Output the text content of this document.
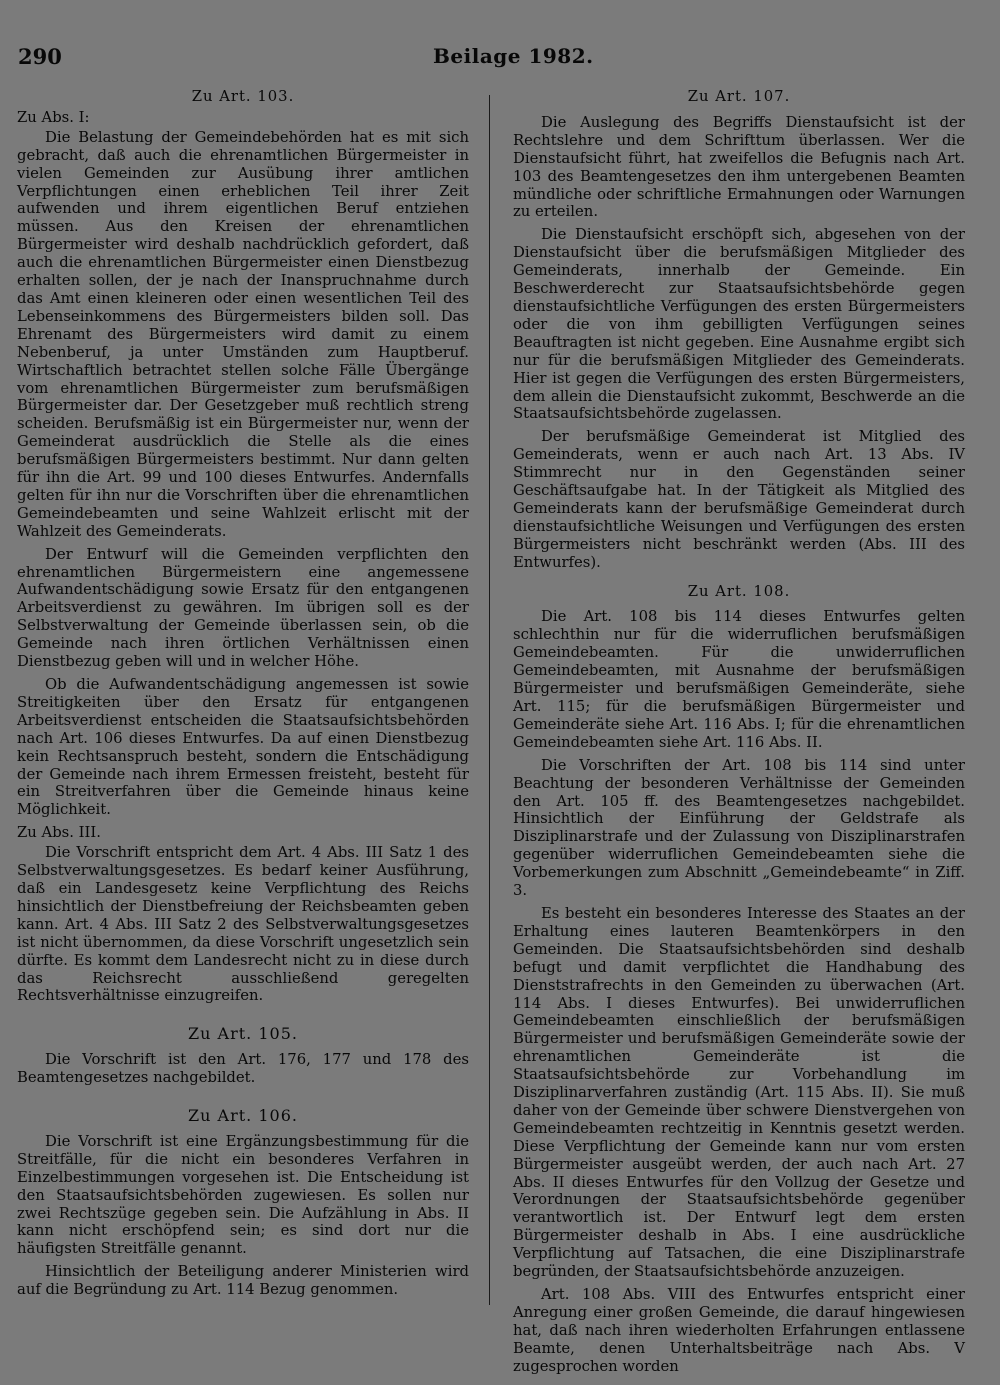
290	Beilage 1982.
Zu Art. 103.
Zu Abs. I:

Die Belastung der Gemeindebehörden hat es mit sich gebracht, daß auch die ehrenamtlichen Bürgermeister in vielen Gemeinden zur Ausübung ihrer amtlichen Verpflichtungen einen erheblichen Teil ihrer Zeit aufwenden und ihrem eigentlichen Beruf entziehen müssen. Aus den Kreisen der ehrenamtlichen Bürgermeister wird deshalb nachdrücklich gefordert, daß auch die ehrenamtlichen Bürgermeister einen Dienstbezug erhalten sollen, der je nach der Inanspruchnahme durch das Amt einen kleineren oder einen wesentlichen Teil des Lebenseinkommens des Bürgermeisters bilden soll. Das Ehrenamt des Bürgermeisters wird damit zu einem Nebenberuf, ja unter Umständen zum Hauptberuf. Wirtschaftlich betrachtet stellen solche Fälle Übergänge vom ehrenamtlichen Bürgermeister zum berufsmäßigen Bürgermeister dar. Der Gesetzgeber muß rechtlich streng scheiden. Berufsmäßig ist ein Bürgermeister nur, wenn der Gemeinderat ausdrücklich die Stelle als die eines berufsmäßigen Bürgermeisters bestimmt. Nur dann gelten für ihn die Art. 99 und 100 dieses Entwurfes. Andernfalls gelten für ihn nur die Vorschriften über die ehrenamtlichen Gemeindebeamten und seine Wahlzeit erlischt mit der Wahlzeit des Gemeinderats.

Der Entwurf will die Gemeinden verpflichten den ehrenamtlichen Bürgermeistern eine angemessene Aufwandentschädigung sowie Ersatz für den entgangenen Arbeitsverdienst zu gewähren. Im übrigen soll es der Selbstverwaltung der Gemeinde überlassen sein, ob die Gemeinde nach ihren örtlichen Verhältnissen einen Dienstbezug geben will und in welcher Höhe.

Ob die Aufwandentschädigung angemessen ist sowie Streitigkeiten über den Ersatz für entgangenen Arbeitsverdienst entscheiden die Staatsaufsichtsbehörden nach Art. 106 dieses Entwurfes. Da auf einen Dienstbezug kein Rechtsanspruch besteht, sondern die Entschädigung der Gemeinde nach ihrem Ermessen freisteht, besteht für ein Streitverfahren über die Gemeinde hinaus keine Möglichkeit.

Zu Abs. III.

Die Vorschrift entspricht dem Art. 4 Abs. III Satz 1 des Selbstverwaltungsgesetzes. Es bedarf keiner Ausführung, daß ein Landesgesetz keine Verpflichtung des Reichs hinsichtlich der Dienstbefreiung der Reichsbeamten geben kann. Art. 4 Abs. III Satz 2 des Selbstverwaltungsgesetzes ist nicht übernommen, da diese Vorschrift ungesetzlich sein dürfte. Es kommt dem Landesrecht nicht zu in diese durch das Reichsrecht ausschließend geregelten Rechtsverhältnisse einzugreifen.

Zu Art. 105.

Die Vorschrift ist den Art. 176, 177 und 178 des Beamtengesetzes nachgebildet.

Zu Art. 106.

Die Vorschrift ist eine Ergänzungsbestimmung für die Streitfälle, für die nicht ein besonderes Verfahren in Einzelbestimmungen vorgesehen ist. Die Entscheidung ist den Staatsaufsichtsbehörden zugewiesen. Es sollen nur zwei Rechtszüge gegeben sein. Die Aufzählung in Abs. II kann nicht erschöpfend sein; es sind dort nur die häufigsten Streitfälle genannt.

Hinsichtlich der Beteiligung anderer Ministerien wird auf die Begründung zu Art. 114 Bezug genommen.

Zu Art. 107.

Die Auslegung des Begriffs Dienstaufsicht ist der Rechtslehre und dem Schrifttum überlassen. Wer die Dienstaufsicht führt, hat zweifellos die Befugnis nach Art. 103 des Beamtengesetzes den ihm untergebenen Beamten mündliche oder schriftliche Ermahnungen oder Warnungen zu erteilen.

Die Dienstaufsicht erschöpft sich, abgesehen von der Dienstaufsicht über die berufsmäßigen Mitglieder des Gemeinderats, innerhalb der Gemeinde. Ein Beschwerderecht zur Staatsaufsichtsbehörde gegen dienstaufsichtliche Verfügungen des ersten Bürgermeisters oder die von ihm gebilligten Verfügungen seines Beauftragten ist nicht gegeben. Eine Ausnahme ergibt sich nur für die berufsmäßigen Mitglieder des Gemeinderats. Hier ist gegen die Verfügungen des ersten Bürgermeisters, dem allein die Dienstaufsicht zukommt, Beschwerde an die Staatsaufsichtsbehörde zugelassen.

Der berufsmäßige Gemeinderat ist Mitglied des Gemeinderats, wenn er auch nach Art. 13 Abs. IV Stimmrecht nur in den Gegenständen seiner Geschäftsaufgabe hat. In der Tätigkeit als Mitglied des Gemeinderats kann der berufsmäßige Gemeinderat durch dienstaufsichtliche Weisungen und Verfügungen des ersten Bürgermeisters nicht beschränkt werden (Abs. III des Entwurfes).

Zu Art. 108.

Die Art. 108 bis 114 dieses Entwurfes gelten schlechthin nur für die widerruflichen berufsmäßigen Gemeindebeamten. Für die unwiderruflichen Gemeindebeamten, mit Ausnahme der berufsmäßigen Bürgermeister und berufsmäßigen Gemeinderäte, siehe Art. 115; für die berufsmäßigen Bürgermeister und Gemeinderäte siehe Art. 116 Abs. I; für die ehrenamtlichen Gemeindebeamten siehe Art. 116 Abs. II.

Die Vorschriften der Art. 108 bis 114 sind unter Beachtung der besonderen Verhältnisse der Gemeinden den Art. 105 ff. des Beamtengesetzes nachgebildet. Hinsichtlich der Einführung der Geldstrafe als Disziplinarstrafe und der Zulassung von Disziplinarstrafen gegenüber widerruflichen Gemeindebeamten siehe die Vorbemerkungen zum Abschnitt „Gemeindebeamte“ in Ziff. 3.

Es besteht ein besonderes Interesse des Staates an der Erhaltung eines lauteren Beamtenkörpers in den Gemeinden. Die Staatsaufsichtsbehörden sind deshalb befugt und damit verpflichtet die Handhabung des Dienststrafrechts in den Gemeinden zu überwachen (Art. 114 Abs. I dieses Entwurfes). Bei unwiderruflichen Gemeindebeamten einschließlich der berufsmäßigen Bürgermeister und berufsmäßigen Gemeinderäte sowie der ehrenamtlichen Gemeinderäte ist die Staatsaufsichtsbehörde zur Vorbehandlung im Disziplinarverfahren zuständig (Art. 115 Abs. II). Sie muß daher von der Gemeinde über schwere Dienstvergehen von Gemeindebeamten rechtzeitig in Kenntnis gesetzt werden. Diese Verpflichtung der Gemeinde kann nur vom ersten Bürgermeister ausgeübt werden, der auch nach Art. 27 Abs. II dieses Entwurfes für den Vollzug der Gesetze und Verordnungen der Staatsaufsichtsbehörde gegenüber verantwortlich ist. Der Entwurf legt dem ersten Bürgermeister deshalb in Abs. I eine ausdrückliche Verpflichtung auf Tatsachen, die eine Disziplinarstrafe begründen, der Staatsaufsichtsbehörde anzuzeigen.

Art. 108 Abs. VIII des Entwurfes entspricht einer Anregung einer großen Gemeinde, die darauf hingewiesen hat, daß nach ihren wiederholten Erfahrungen entlassene Beamte, denen Unterhaltsbeiträge nach Abs. V zugesprochen worden
